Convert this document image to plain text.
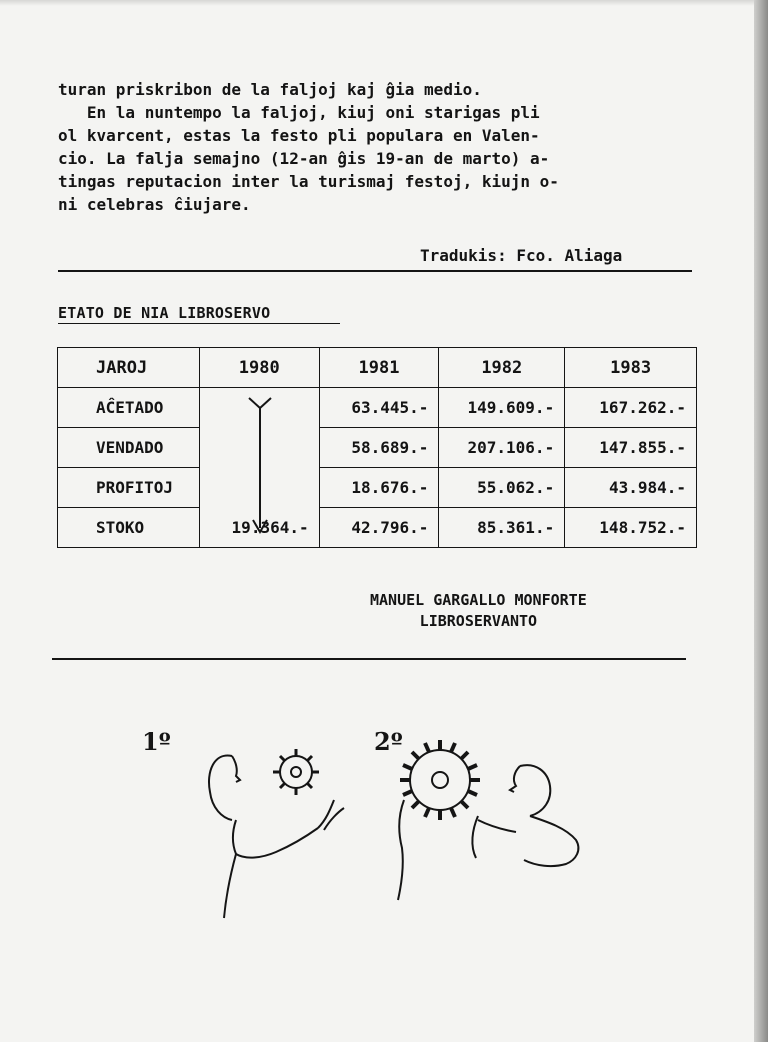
turan priskribon de la faljoj kaj ĝia medio.

En la nuntempo la faljoj, kiuj oni starigas pli

ol kvarcent, estas la festo pli populara en Valen-

cio. La falja semajno (12-an ĝis 19-an de marto) a-

tingas reputacion inter la turismaj festoj, kiujn o-

ni celebras ĉiujare.

Tradukis: Fco. Aliaga
ETATO DE NIA LIBROSERVO
JAROJ	1980	1981	1982	1983
AĈETADO		63.445.-	149.609.-	167.262.-
VENDADO		58.689.-	207.106.-	147.855.-
PROFITOJ		18.676.-	55.062.-	43.984.-
STOKO	19.364.-	42.796.-	85.361.-	148.752.-
MANUEL GARGALLO MONFORTE
LIBROSERVANTO
1º	2º
